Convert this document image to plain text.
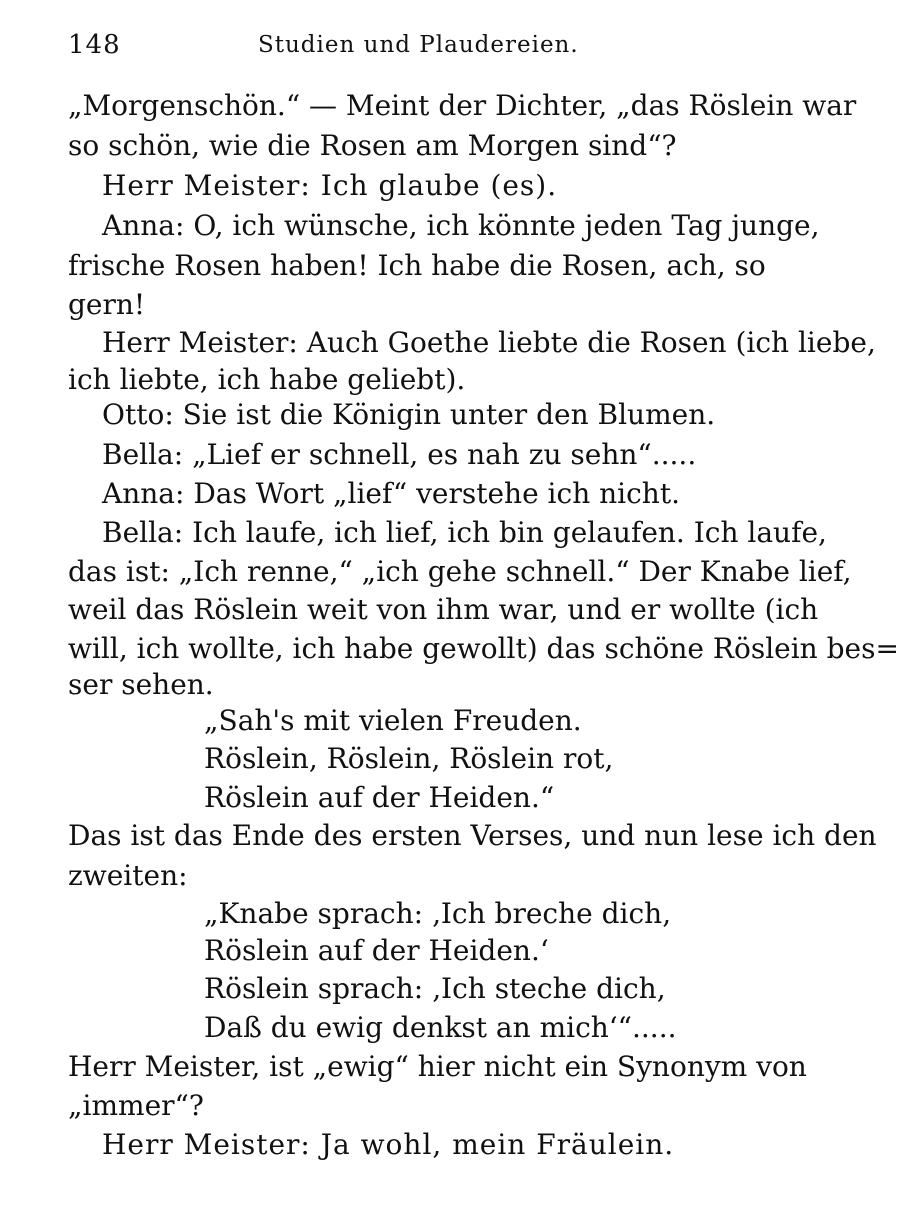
148	Studien und Plaudereien.
„Morgenschön.“ — Meint der Dichter, „das Röslein war
so schön, wie die Rosen am Morgen sind“?
Herr Meister: Ich glaube (es).
Anna: O, ich wünsche, ich könnte jeden Tag junge,
frische Rosen haben! Ich habe die Rosen, ach, so
gern!
Herr Meister: Auch Goethe liebte die Rosen (ich liebe,
ich liebte, ich habe geliebt).
Otto: Sie ist die Königin unter den Blumen.
Bella: „Lief er schnell, es nah zu sehn“.....
Anna: Das Wort „lief“ verstehe ich nicht.
Bella: Ich laufe, ich lief, ich bin gelaufen. Ich laufe,
das ist: „Ich renne,“ „ich gehe schnell.“ Der Knabe lief,
weil das Röslein weit von ihm war, und er wollte (ich
will, ich wollte, ich habe gewollt) das schöne Röslein bes=
ser sehen.
„Sah's mit vielen Freuden.
Röslein, Röslein, Röslein rot,
Röslein auf der Heiden.“
Das ist das Ende des ersten Verses, und nun lese ich den
zweiten:
„Knabe sprach: ‚Ich breche dich,
Röslein auf der Heiden.‘
Röslein sprach: ‚Ich steche dich,
Daß du ewig denkst an mich‘“.....
Herr Meister, ist „ewig“ hier nicht ein Synonym von
„immer“?
Herr Meister: Ja wohl, mein Fräulein.
